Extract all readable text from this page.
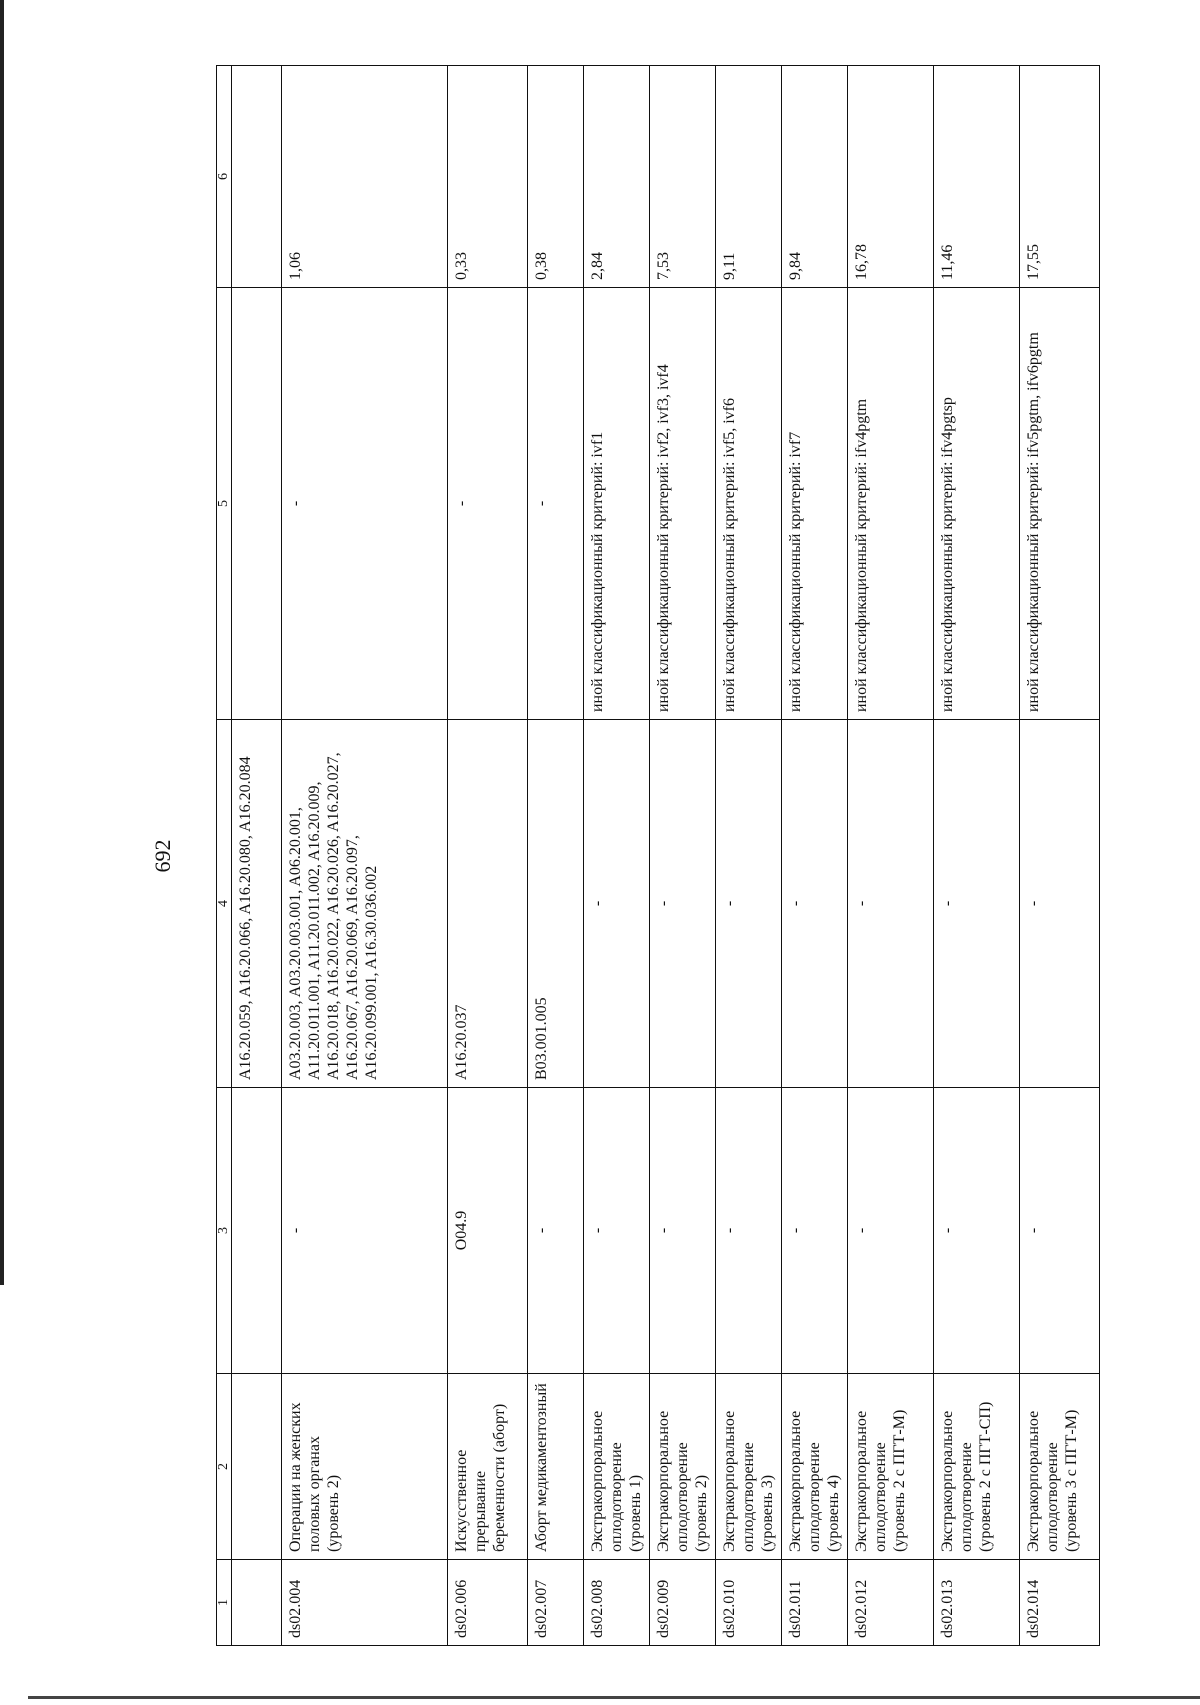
692
1	2	3	4	5	6
			A16.20.059, A16.20.066, A16.20.080, A16.20.084		
ds02.004	Операции на женских половых органах (уровень 2)	-	A03.20.003, A03.20.003.001, A06.20.001, A11.20.011.001, A11.20.011.002, A16.20.009, A16.20.018, A16.20.022, A16.20.026, A16.20.027, A16.20.067, A16.20.069, A16.20.097, A16.20.099.001, A16.30.036.002	-	1,06
ds02.006	Искусственное прерывание беременности (аборт)	O04.9	A16.20.037	-	0,33
ds02.007	Аборт медикаментозный	-	B03.001.005	-	0,38
ds02.008	Экстракорпоральное оплодотворение (уровень 1)	-	-	иной классификационный критерий: ivf1	2,84
ds02.009	Экстракорпоральное оплодотворение (уровень 2)	-	-	иной классификационный критерий: ivf2, ivf3, ivf4	7,53
ds02.010	Экстракорпоральное оплодотворение (уровень 3)	-	-	иной классификационный критерий: ivf5, ivf6	9,11
ds02.011	Экстракорпоральное оплодотворение (уровень 4)	-	-	иной классификационный критерий: ivf7	9,84
ds02.012	Экстракорпоральное оплодотворение (уровень 2 с ПГТ-М)	-	-	иной классификационный критерий: ifv4pgtm	16,78
ds02.013	Экстракорпоральное оплодотворение (уровень 2 с ПГТ-СП)	-	-	иной классификационный критерий: ifv4pgtsp	11,46
ds02.014	Экстракорпоральное оплодотворение (уровень 3 с ПГТ-М)	-	-	иной классификационный критерий: ifv5pgtm, ifv6pgtm	17,55
